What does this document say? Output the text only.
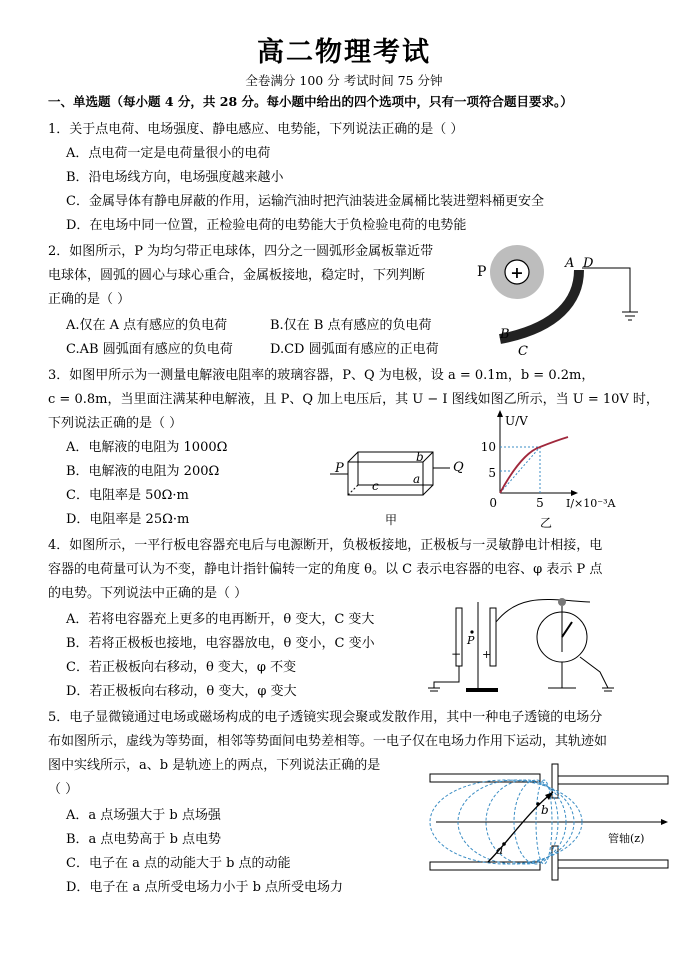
高二物理考试
全卷满分 100 分 考试时间 75 分钟
一、单选题（每小题 4 分，共 28 分。每小题中给出的四个选项中，只有一项符合题目要求。）
1．关于点电荷、电场强度、静电感应、电势能，下列说法正确的是（ ）
A．点电荷一定是电荷量很小的电荷
B．沿电场线方向，电场强度越来越小
C．金属导体有静电屏蔽的作用，运输汽油时把汽油装进金属桶比装进塑料桶更安全
D．在电场中同一位置，正检验电荷的电势能大于负检验电荷的电势能
2．如图所示，P 为均匀带正电球体，四分之一圆弧形金属板靠近带
电球体，圆弧的圆心与球心重合，金属板接地，稳定时，下列判断
正确的是（ ）
A.仅在 A 点有感应的负电荷	B.仅在 B 点有感应的负电荷
C.AB 圆弧面有感应的负电荷	D.CD 圆弧面有感应的正电荷
P +	A D
B
C
3．如图甲所示为一测量电解液电阻率的玻璃容器，P、Q 为电极，设 a = 0.1m，b = 0.2m，
c = 0.8m，当里面注满某种电解液，且 P、Q 加上电压后，其 U − I 图线如图乙所示，当 U = 10V 时，
下列说法正确的是（ ）
A．电解液的电阻为 1000Ω
B．电解液的电阻为 200Ω
C．电阻率是 50Ω·m
D．电阻率是 25Ω·m
P	Q
b
a
c
甲
U/V
I/×10⁻³A
10
5
0	5
乙
4．如图所示，一平行板电容器充电后与电源断开，负极板接地，正极板与一灵敏静电计相接，电
容器的电荷量可认为不变，静电计指针偏转一定的角度 θ。以 C 表示电容器的电容、φ 表示 P 点
的电势。下列说法中正确的是（ ）
A．若将电容器充上更多的电再断开，θ 变大，C 变大
B．若将正极板也接地，电容器放电，θ 变小，C 变小
C．若正极板向右移动，θ 变大，φ 不变
D．若正极板向右移动，θ 变大，φ 变大
− +
P
5．电子显微镜通过电场或磁场构成的电子透镜实现会聚或发散作用，其中一种电子透镜的电场分
布如图所示，虚线为等势面，相邻等势面间电势差相等。一电子仅在电场力作用下运动，其轨迹如
图中实线所示，a、b 是轨迹上的两点，下列说法正确的是
（ ）
A．a 点场强大于 b 点场强
B．a 点电势高于 b 点电势
C．电子在 a 点的动能大于 b 点的动能
D．电子在 a 点所受电场力小于 b 点所受电场力
a
b
管轴(z)
